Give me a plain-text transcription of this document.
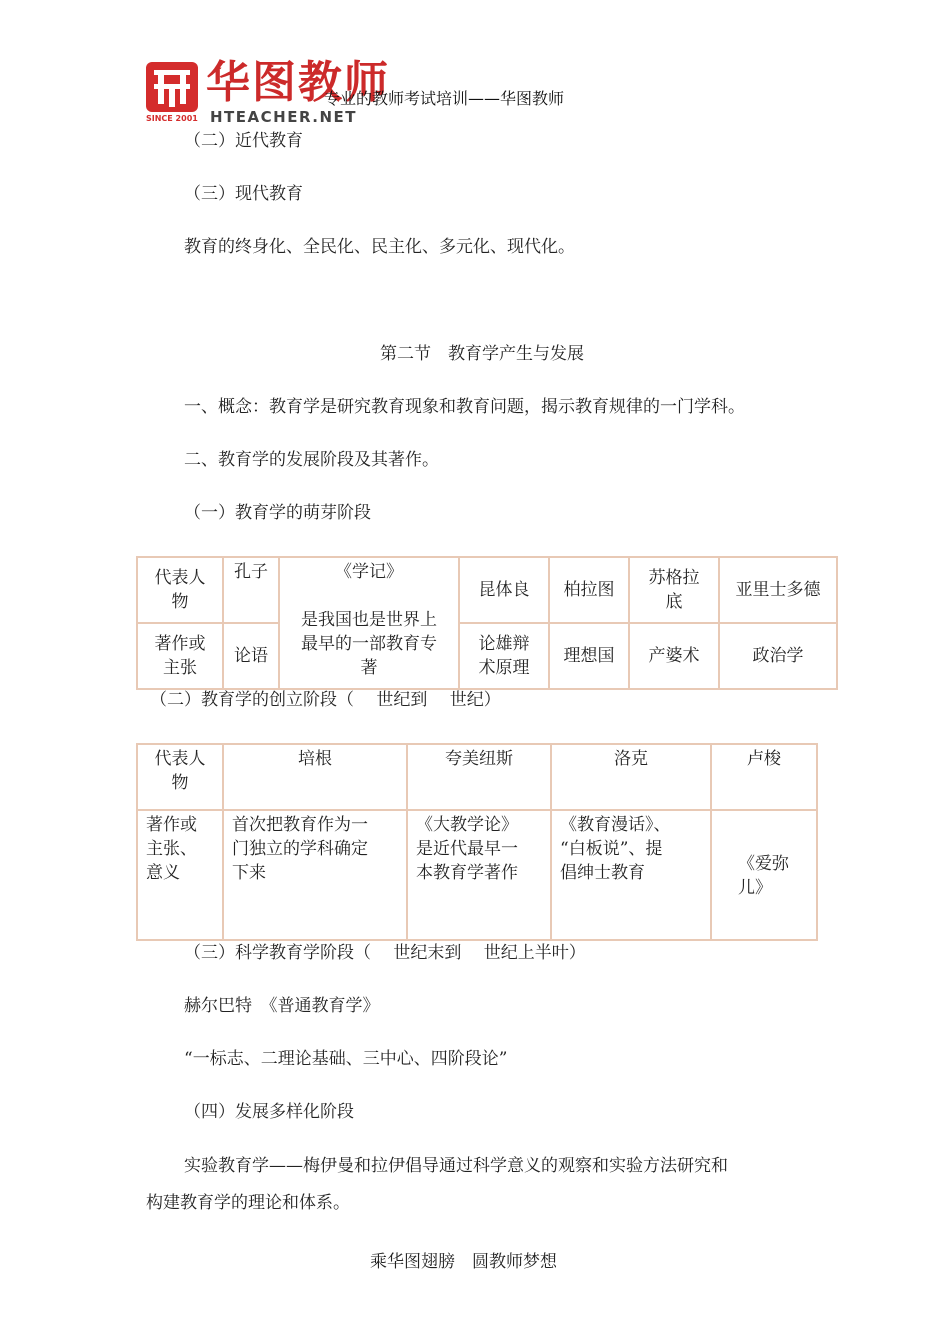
SINCE 2001
华图教师
HTEACHER.NET
专业的教师考试培训——华图教师
（二）近代教育
（三）现代教育
教育的终身化、全民化、民主化、多元化、现代化。
第二节　教育学产生与发展
一、概念：教育学是研究教育现象和教育问题，揭示教育规律的一门学科。
二、教育学的发展阶段及其著作。
（一）教育学的萌芽阶段
代表人
物	孔子	《学记》

是我国也是世界上
最早的一部教育专
著	昆体良	柏拉图	苏格拉
底	亚里士多德
著作或
主张	论语		论雄辩
术原理	理想国	产婆术	政治学
（二）教育学的创立阶段（　 世纪到　 世纪）
代表人
物	培根	夸美纽斯	洛克	卢梭
著作或
主张、
意义	首次把教育作为一
门独立的学科确定
下来	《大教学论》
是近代最早一
本教育学著作	《教育漫话》、
“白板说”、提
倡绅士教育	《爱弥
儿》
（三）科学教育学阶段（　 世纪末到　 世纪上半叶）
赫尔巴特　《普通教育学》
“一标志、二理论基础、三中心、四阶段论”
（四）发展多样化阶段
实验教育学——梅伊曼和拉伊倡导通过科学意义的观察和实验方法研究和
构建教育学的理论和体系。
乘华图翅膀　圆教师梦想
